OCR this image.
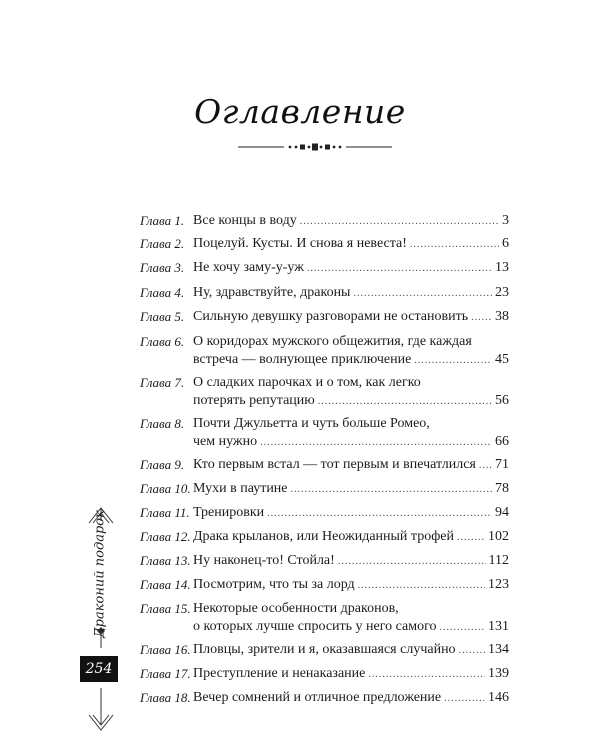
Оглавление
Глава 1. Все концы в воду .....	3
Глава 2. Поцелуй. Кусты. И снова я невеста! .....	6
Глава 3. Не хочу заму-у-уж .....	13
Глава 4. Ну, здравствуйте, драконы .....	23
Глава 5. Сильную девушку разговорами не остановить ..... 38
Глава 6. О коридорах мужского общежития, где каждая
встреча — волнующее приключение .....	45
Глава 7. О сладких парочках и о том, как легко
потерять репутацию .....	56
Глава 8. Почти Джульетта и чуть больше Ромео,
чем нужно .....	66
Глава 9. Кто первым встал — тот первым и впечатлился ..... 71
Глава 10. Мухи в паутине .....	78
Глава 11. Тренировки .....	94
Глава 12. Драка крыланов, или Неожиданный трофей ..... 102
Глава 13. Ну наконец-то! Стойла! .....	112
Глава 14. Посмотрим, что ты за лорд .....	123
Глава 15. Некоторые особенности драконов,
о которых лучше спросить у него самого .....	131
Глава 16. Пловцы, зрители и я, оказавшаяся случайно ..... 134
Глава 17. Преступление и ненаказание .....	139
Глава 18. Вечер сомнений и отличное предложение .....	146
Драконий подарок
254
